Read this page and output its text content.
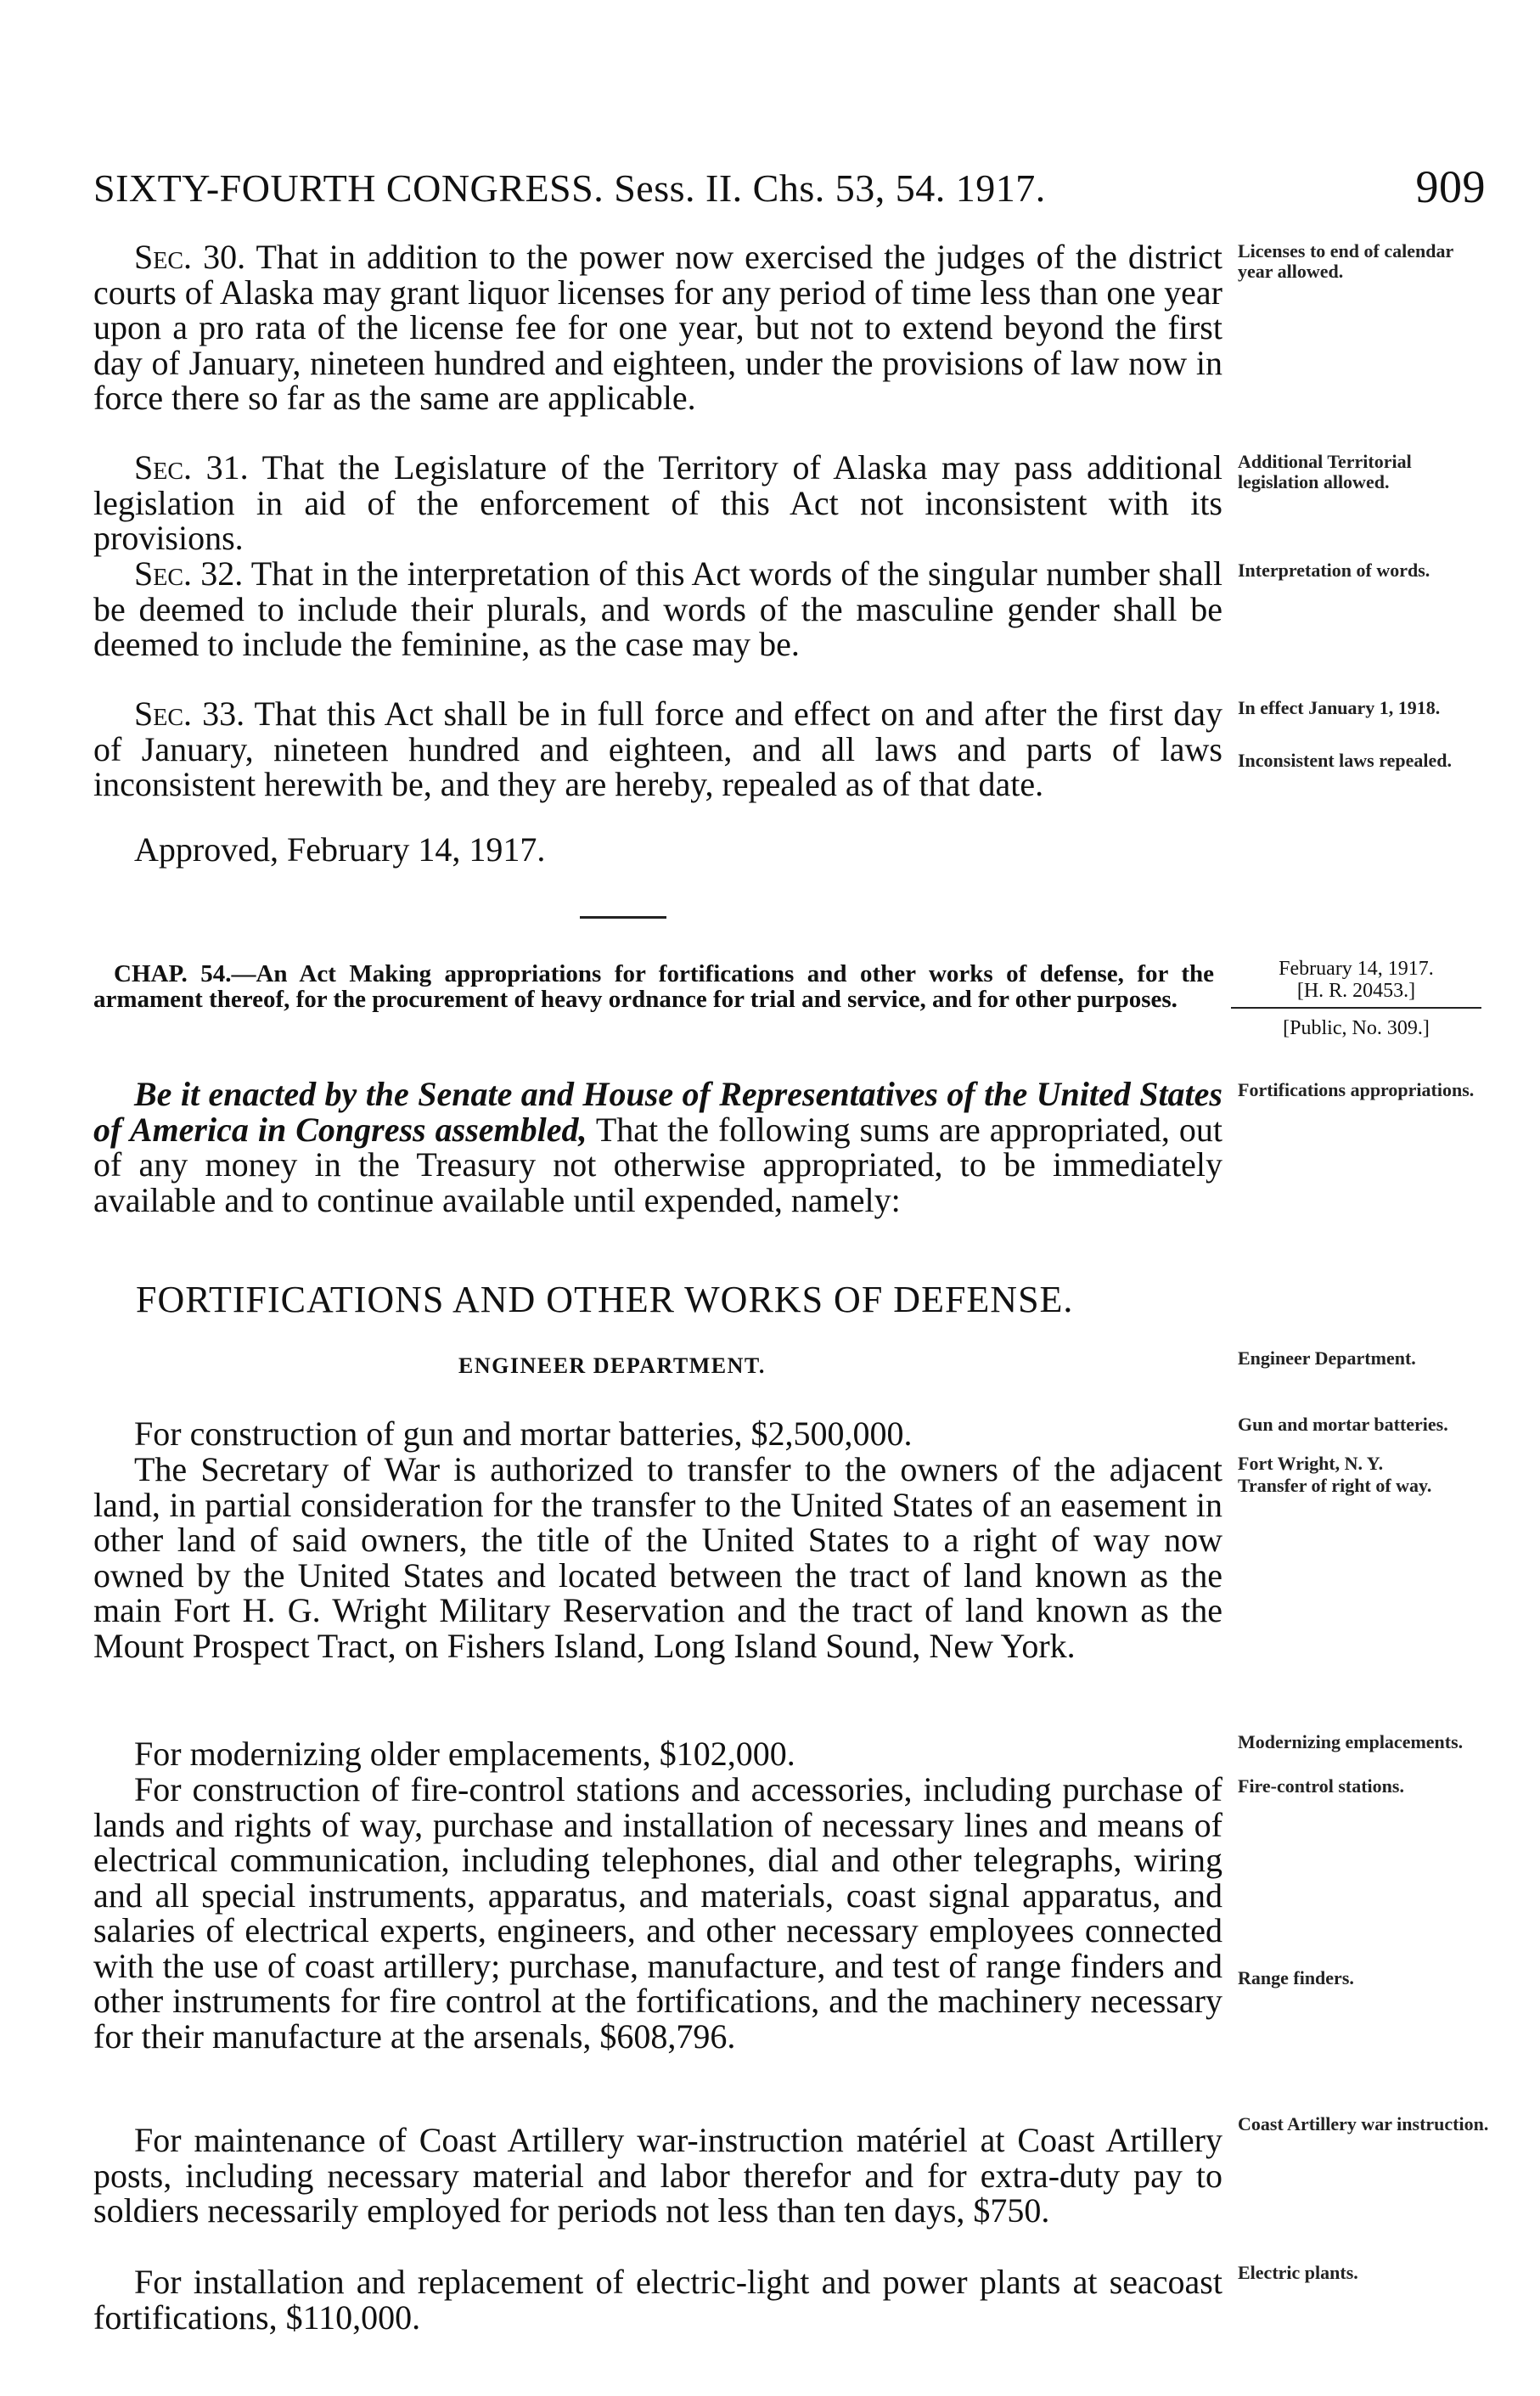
SIXTY-FOURTH CONGRESS. Sess. II. Chs. 53, 54. 1917.	909

Sec. 30. That in addition to the power now exercised the judges of the district courts of Alaska may grant liquor licenses for any period of time less than one year upon a pro rata of the license fee for one year, but not to extend beyond the first day of January, nineteen hundred and eighteen, under the provisions of law now in force there so far as the same are applicable.

Sec. 31. That the Legislature of the Territory of Alaska may pass additional legislation in aid of the enforcement of this Act not inconsistent with its provisions.

Sec. 32. That in the interpretation of this Act words of the singular number shall be deemed to include their plurals, and words of the masculine gender shall be deemed to include the feminine, as the case may be.

Sec. 33. That this Act shall be in full force and effect on and after the first day of January, nineteen hundred and eighteen, and all laws and parts of laws inconsistent herewith be, and they are hereby, repealed as of that date.

Approved, February 14, 1917.

Licenses to end of calendar year allowed.
Additional Territorial legislation allowed.
Interpretation of words.
In effect January 1, 1918.
Inconsistent laws repealed.
CHAP. 54.—An Act Making appropriations for fortifications and other works of defense, for the armament thereof, for the procurement of heavy ordnance for trial and service, and for other purposes.
February 14, 1917.
[H. R. 20453.]
[Public, No. 309.]

Be it enacted by the Senate and House of Representatives of the United States of America in Congress assembled, That the following sums are appropriated, out of any money in the Treasury not otherwise appropriated, to be immediately available and to continue available until expended, namely:

Fortifications appropriations.
FORTIFICATIONS AND OTHER WORKS OF DEFENSE.
ENGINEER DEPARTMENT.	Engineer Department.

For construction of gun and mortar batteries, $2,500,000.

The Secretary of War is authorized to transfer to the owners of the adjacent land, in partial consideration for the transfer to the United States of an easement in other land of said owners, the title of the United States to a right of way now owned by the United States and located between the tract of land known as the main Fort H. G. Wright Military Reservation and the tract of land known as the Mount Prospect Tract, on Fishers Island, Long Island Sound, New York.

For modernizing older emplacements, $102,000.

For construction of fire-control stations and accessories, including purchase of lands and rights of way, purchase and installation of necessary lines and means of electrical communication, including telephones, dial and other telegraphs, wiring and all special instruments, apparatus, and materials, coast signal apparatus, and salaries of electrical experts, engineers, and other necessary employees connected with the use of coast artillery; purchase, manufacture, and test of range finders and other instruments for fire control at the fortifications, and the machinery necessary for their manufacture at the arsenals, $608,796.

For maintenance of Coast Artillery war-instruction matériel at Coast Artillery posts, including necessary material and labor therefor and for extra-duty pay to soldiers necessarily employed for periods not less than ten days, $750.

For installation and replacement of electric-light and power plants at seacoast fortifications, $110,000.

Gun and mortar batteries.
Fort Wright, N. Y.
Transfer of right of way.
Modernizing emplacements.
Fire-control stations.
Range finders.
Coast Artillery war instruction.
Electric plants.
